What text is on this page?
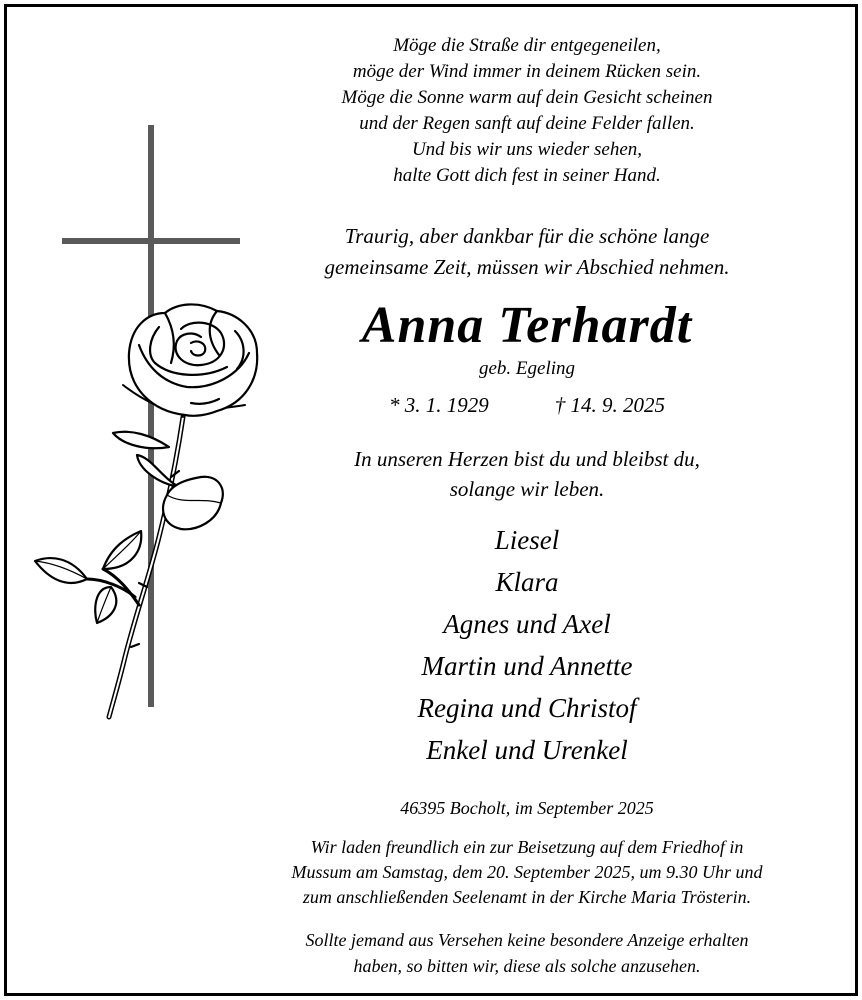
Möge die Straße dir entgegeneilen,
möge der Wind immer in deinem Rücken sein.
Möge die Sonne warm auf dein Gesicht scheinen
und der Regen sanft auf deine Felder fallen.
Und bis wir uns wieder sehen,
halte Gott dich fest in seiner Hand.
Traurig, aber dankbar für die schöne lange
gemeinsame Zeit, müssen wir Abschied nehmen.
Anna Terhardt
geb. Egeling
* 3. 1. 1929	† 14. 9. 2025
In unseren Herzen bist du und bleibst du,
solange wir leben.
Liesel
Klara
Agnes und Axel
Martin und Annette
Regina und Christof
Enkel und Urenkel
46395 Bocholt, im September 2025
Wir laden freundlich ein zur Beisetzung auf dem Friedhof in
Mussum am Samstag, dem 20. September 2025, um 9.30 Uhr und
zum anschließenden Seelenamt in der Kirche Maria Trösterin.
Sollte jemand aus Versehen keine besondere Anzeige erhalten
haben, so bitten wir, diese als solche anzusehen.
